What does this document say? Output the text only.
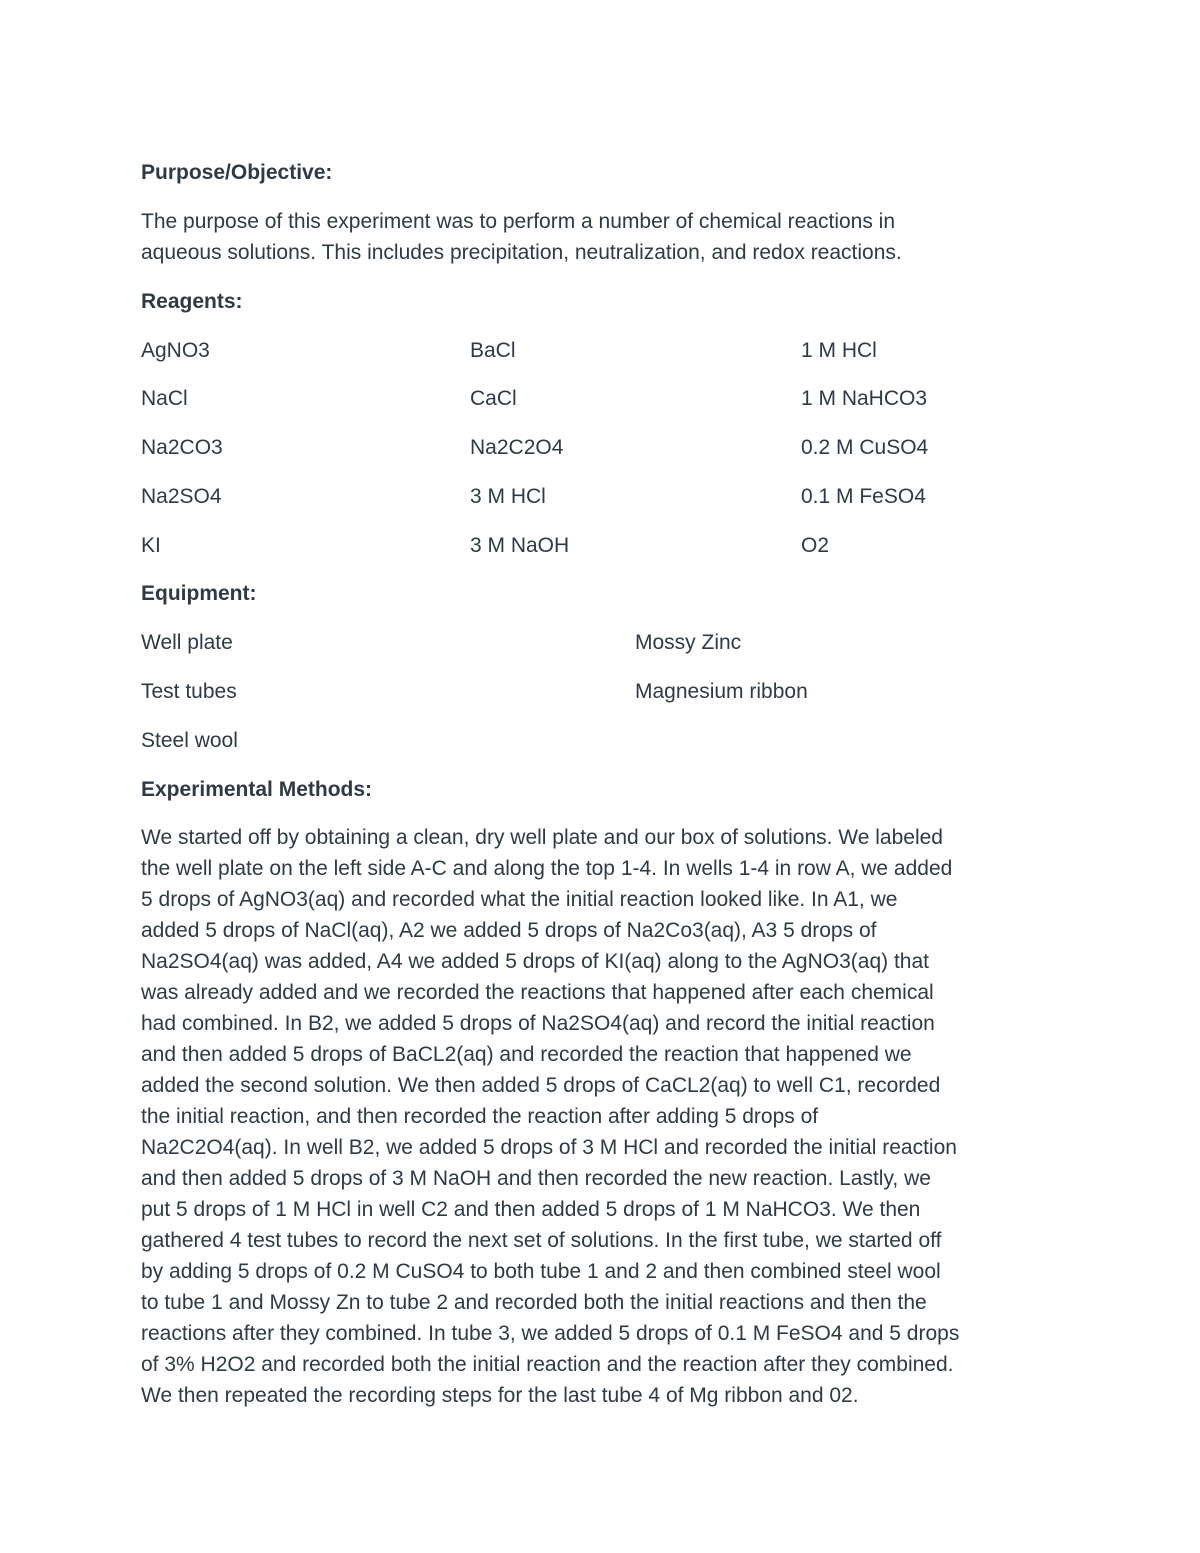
Purpose/Objective:

The purpose of this experiment was to perform a number of chemical reactions in
aqueous solutions. This includes precipitation, neutralization, and redox reactions.

Reagents:
AgNO3	BaCl	1 M HCl
NaCl	CaCl	1 M NaHCO3
Na2CO3	Na2C2O4	0.2 M CuSO4
Na2SO4	3 M HCl	0.1 M FeSO4
KI	3 M NaOH	O2
Equipment:
Well plate	Mossy Zinc
Test tubes	Magnesium ribbon
Steel wool
Experimental Methods:

We started off by obtaining a clean, dry well plate and our box of solutions. We labeled
the well plate on the left side A-C and along the top 1-4. In wells 1-4 in row A, we added
5 drops of AgNO3(aq) and recorded what the initial reaction looked like. In A1, we
added 5 drops of NaCl(aq), A2 we added 5 drops of Na2Co3(aq), A3 5 drops of
Na2SO4(aq) was added, A4 we added 5 drops of KI(aq) along to the AgNO3(aq) that
was already added and we recorded the reactions that happened after each chemical
had combined. In B2, we added 5 drops of Na2SO4(aq) and record the initial reaction
and then added 5 drops of BaCL2(aq) and recorded the reaction that happened we
added the second solution. We then added 5 drops of CaCL2(aq) to well C1, recorded
the initial reaction, and then recorded the reaction after adding 5 drops of
Na2C2O4(aq). In well B2, we added 5 drops of 3 M HCl and recorded the initial reaction
and then added 5 drops of 3 M NaOH and then recorded the new reaction. Lastly, we
put 5 drops of 1 M HCl in well C2 and then added 5 drops of 1 M NaHCO3. We then
gathered 4 test tubes to record the next set of solutions. In the first tube, we started off
by adding 5 drops of 0.2 M CuSO4 to both tube 1 and 2 and then combined steel wool
to tube 1 and Mossy Zn to tube 2 and recorded both the initial reactions and then the
reactions after they combined. In tube 3, we added 5 drops of 0.1 M FeSO4 and 5 drops
of 3% H2O2 and recorded both the initial reaction and the reaction after they combined.
We then repeated the recording steps for the last tube 4 of Mg ribbon and 02.
